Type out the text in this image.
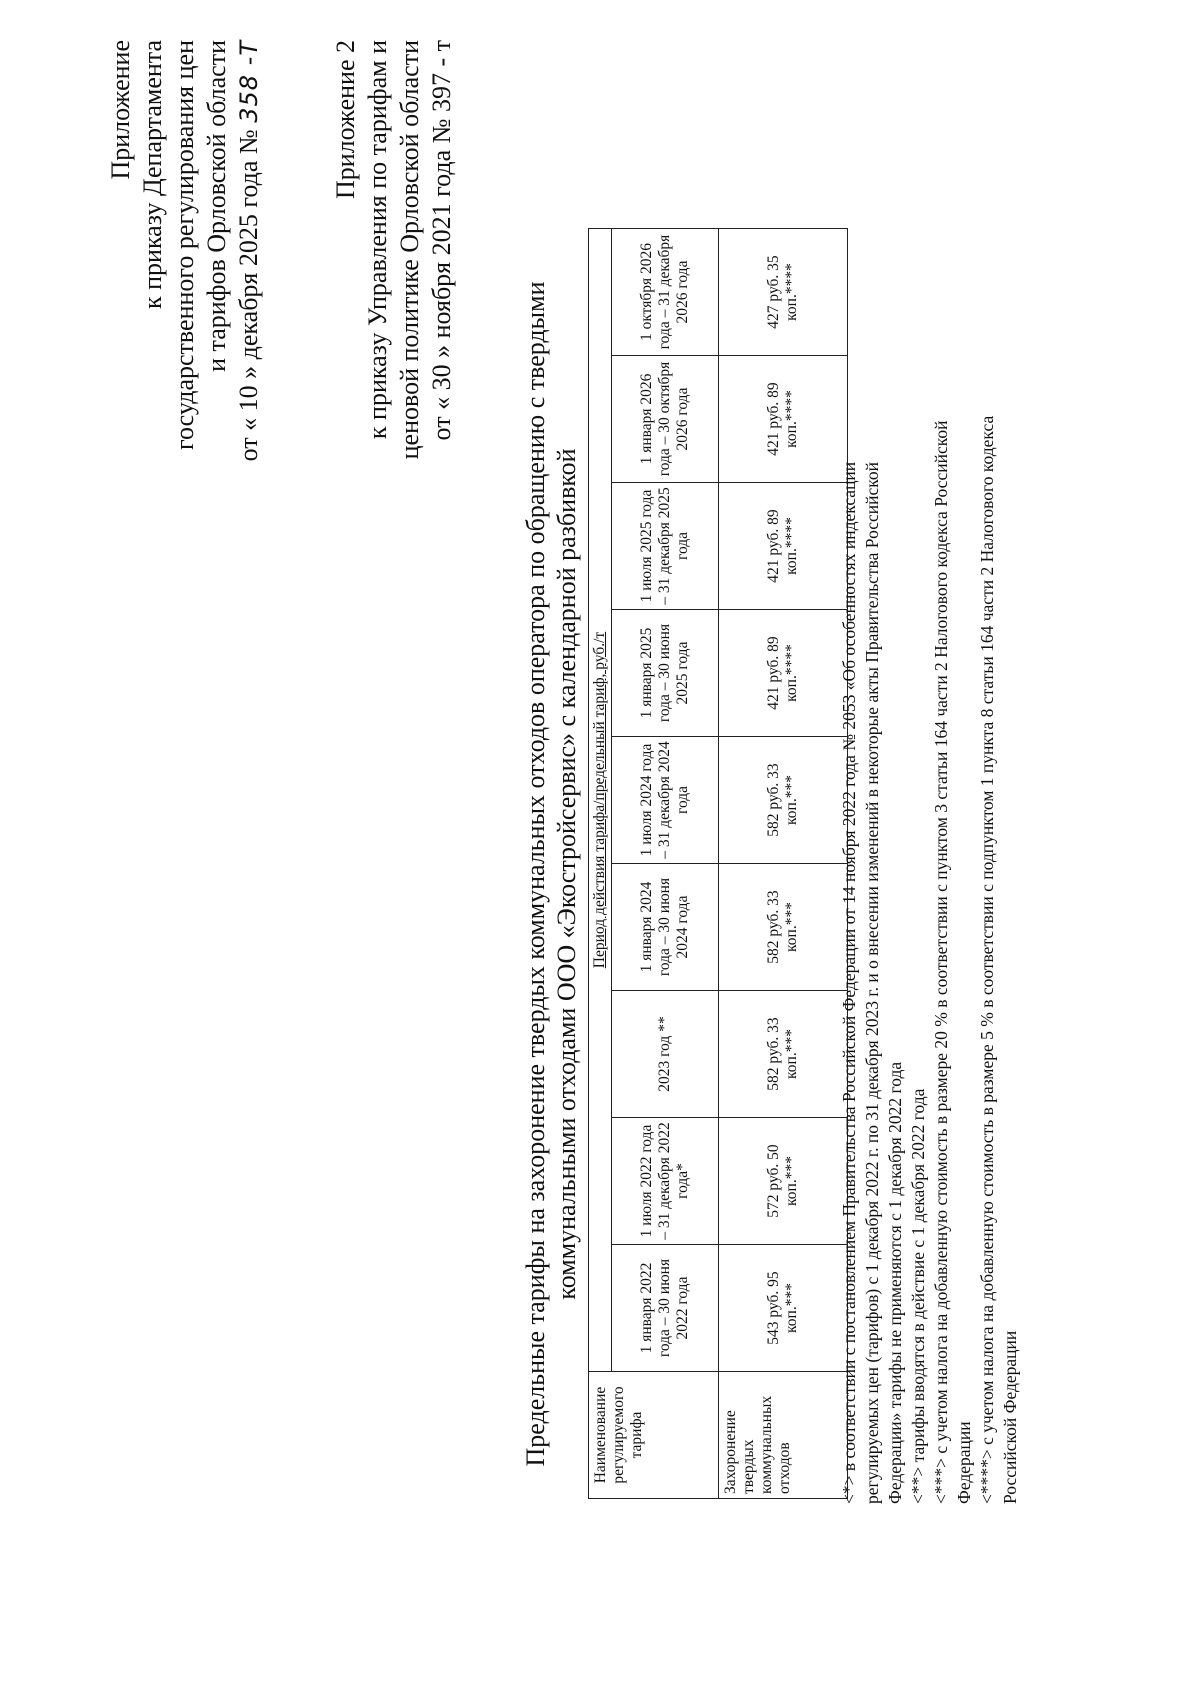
Приложение к приказу Департамента государственного регулирования цен и тарифов Орловской области от « 10 » декабря 2025 года № 358 -Т	Приложение 2 к приказу Управления по тарифам и ценовой политике Орловской области от « 30 » ноября 2021 года № 397 - т
Предельные тарифы на захоронение твердых коммунальных отходов оператора по обращению с твердыми коммунальными отходами ООО «Экостройсервис» с календарной разбивкой
Наименование регулируемого тарифа	Период действия тарифа/предельный тариф, руб./т								
	1 января 2022 года – 30 июня 2022 года	1 июля 2022 года – 31 декабря 2022 года*	2023 год **	1 января 2024 года – 30 июня 2024 года	1 июля 2024 года – 31 декабря 2024 года	1 января 2025 года – 30 июня 2025 года	1 июля 2025 года – 31 декабря 2025 года	1 января 2026 года – 30 октября 2026 года	1 октября 2026 года – 31 декабря 2026 года
Захоронение твердых коммунальных отходов	543 руб. 95 коп.***	572 руб. 50 коп.***	582 руб. 33 коп.***	582 руб. 33 коп.***	582 руб. 33 коп.***	421 руб. 89 коп.****	421 руб. 89 коп.****	421 руб. 89 коп.****	427 руб. 35 коп.****

<*> в соответствии с постановлением Правительства Российской Федерации от 14 ноября 2022 года № 2053 «Об особенностях индексации регулируемых цен (тарифов) с 1 декабря 2022 г. по 31 декабря 2023 г. и о внесении изменений в некоторые акты Правительства Российской Федерации» тарифы не применяются с 1 декабря 2022 года <**> тарифы вводятся в действие с 1 декабря 2022 года <***> с учетом налога на добавленную стоимость в размере 20 % в соответствии с пунктом 3 статьи 164 части 2 Налогового кодекса Российской Федерации <****> с учетом налога на добавленную стоимость в размере 5 % в соответствии с подпунктом 1 пункта 8 статьи 164 части 2 Налогового кодекса Российской Федерации
